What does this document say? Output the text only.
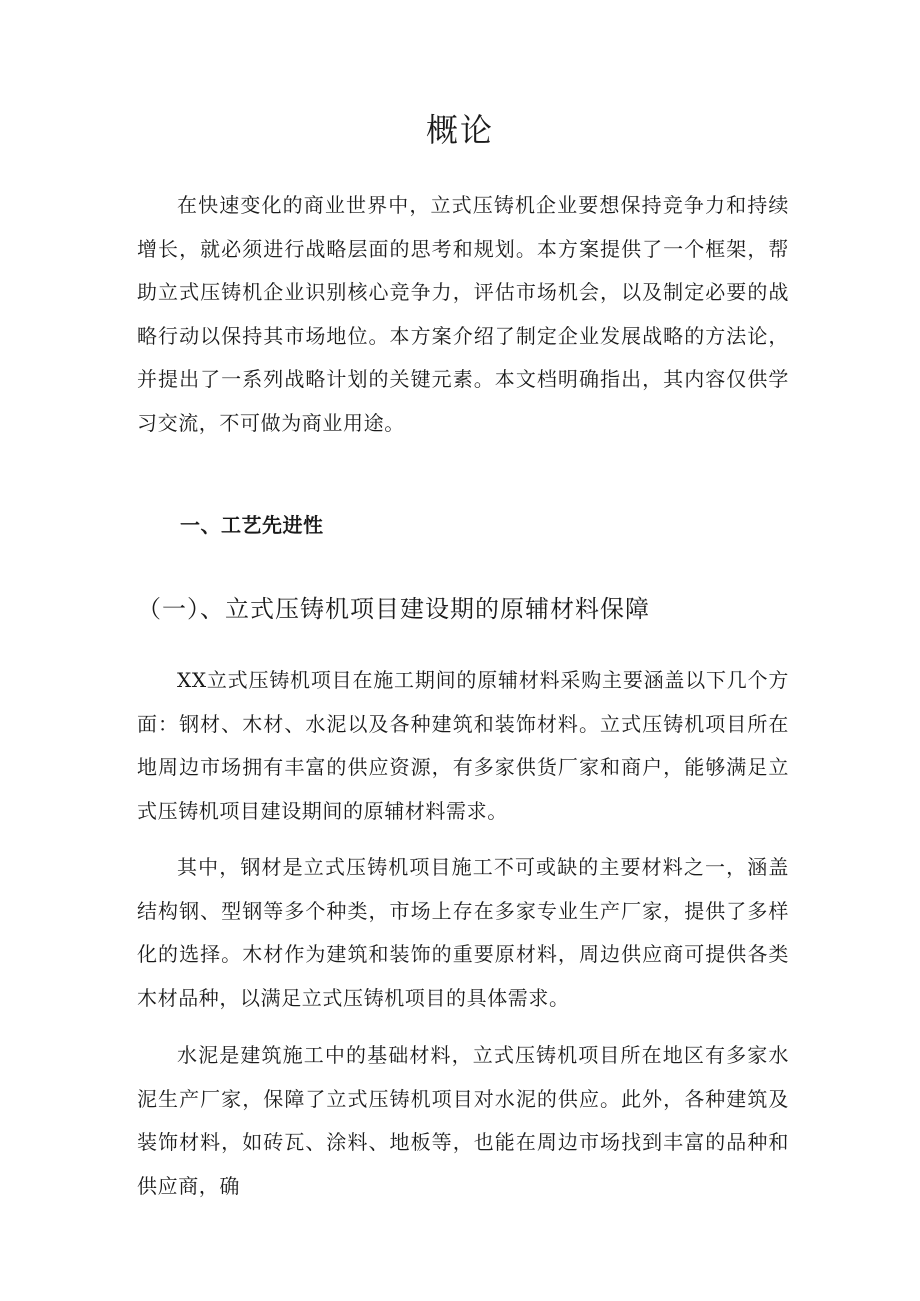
概论

在快速变化的商业世界中，立式压铸机企业要想保持竞争力和持续增长，就必须进行战略层面的思考和规划。本方案提供了一个框架，帮助立式压铸机企业识别核心竞争力，评估市场机会，以及制定必要的战略行动以保持其市场地位。本方案介绍了制定企业发展战略的方法论，并提出了一系列战略计划的关键元素。本文档明确指出，其内容仅供学习交流，不可做为商业用途。

一、工艺先进性
（一）、立式压铸机项目建设期的原辅材料保障

XX立式压铸机项目在施工期间的原辅材料采购主要涵盖以下几个方面：钢材、木材、水泥以及各种建筑和装饰材料。立式压铸机项目所在地周边市场拥有丰富的供应资源，有多家供货厂家和商户，能够满足立式压铸机项目建设期间的原辅材料需求。

其中，钢材是立式压铸机项目施工不可或缺的主要材料之一，涵盖结构钢、型钢等多个种类，市场上存在多家专业生产厂家，提供了多样化的选择。木材作为建筑和装饰的重要原材料，周边供应商可提供各类木材品种，以满足立式压铸机项目的具体需求。

水泥是建筑施工中的基础材料，立式压铸机项目所在地区有多家水泥生产厂家，保障了立式压铸机项目对水泥的供应。此外，各种建筑及装饰材料，如砖瓦、涂料、地板等，也能在周边市场找到丰富的品种和供应商，确
